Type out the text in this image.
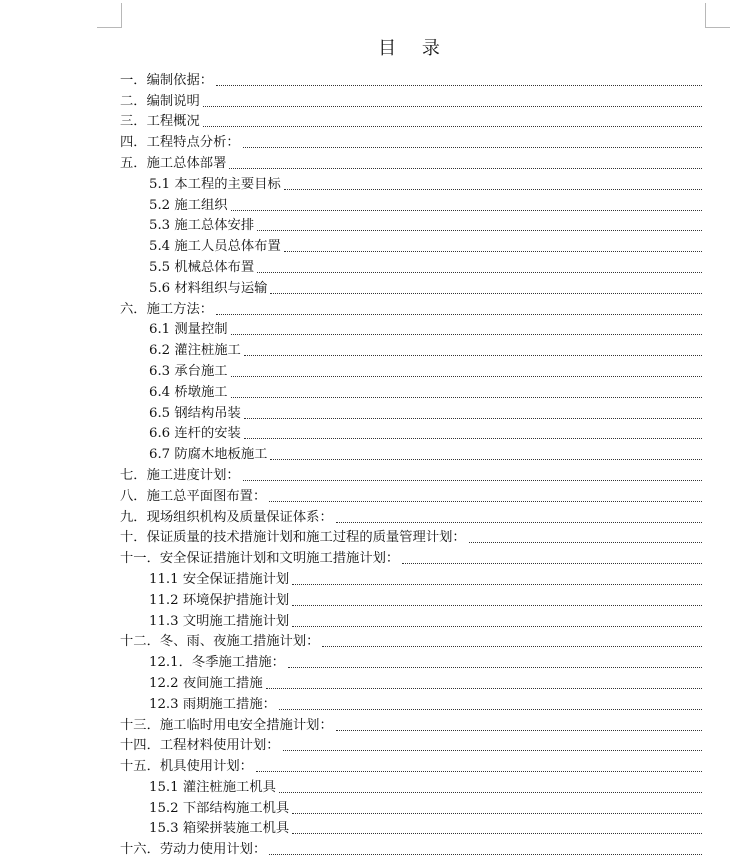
目 录
一．编制依据：
二．编制说明
三．工程概况
四．工程特点分析：
五．施工总体部署
5.1 本工程的主要目标
5.2 施工组织
5.3 施工总体安排
5.4 施工人员总体布置
5.5 机械总体布置
5.6 材料组织与运输
六．施工方法：
6.1 测量控制
6.2 灌注桩施工
6.3 承台施工
6.4 桥墩施工
6.5 钢结构吊装
6.6 连杆的安装
6.7 防腐木地板施工
七．施工进度计划：
八．施工总平面图布置：
九．现场组织机构及质量保证体系：
十．保证质量的技术措施计划和施工过程的质量管理计划：
十一．安全保证措施计划和文明施工措施计划：
11.1 安全保证措施计划
11.2 环境保护措施计划
11.3 文明施工措施计划
十二．冬、雨、夜施工措施计划：
12.1．冬季施工措施：
12.2 夜间施工措施
12.3 雨期施工措施：
十三．施工临时用电安全措施计划：
十四．工程材料使用计划：
十五．机具使用计划：
15.1 灌注桩施工机具
15.2 下部结构施工机具
15.3 箱梁拼装施工机具
十六．劳动力使用计划：
